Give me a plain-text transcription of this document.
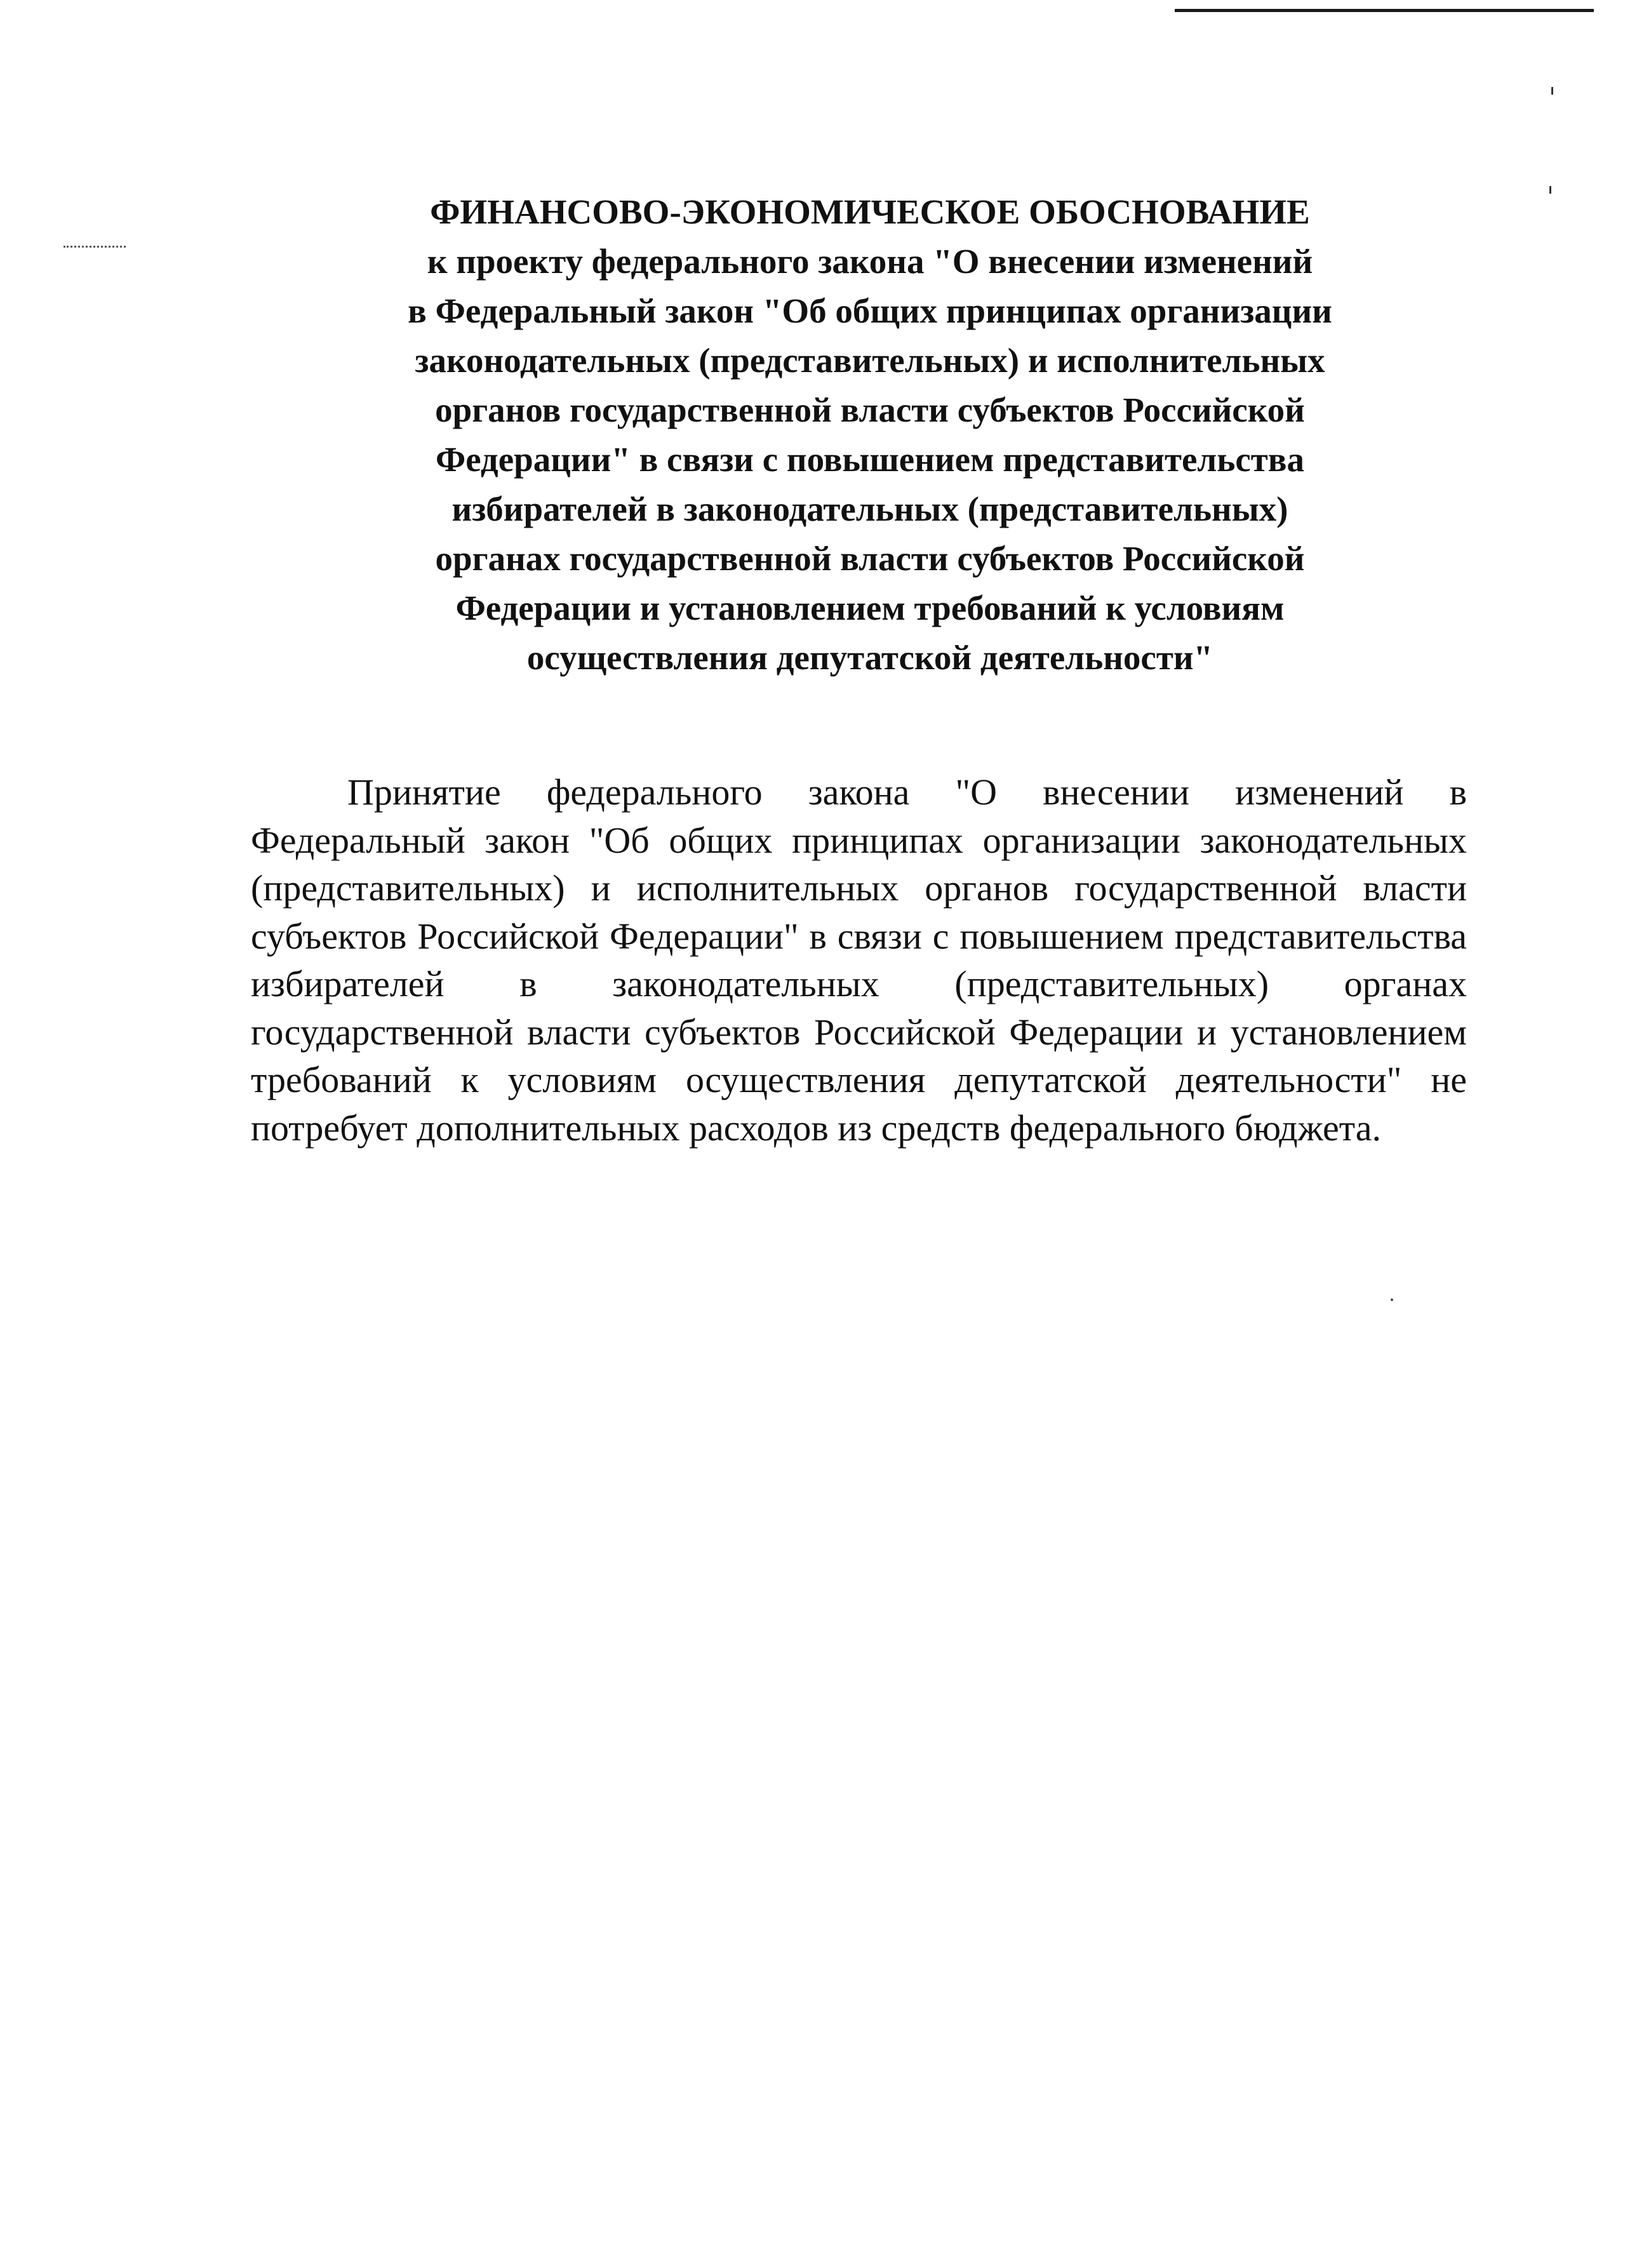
ФИНАНСОВО-ЭКОНОМИЧЕСКОЕ ОБОСНОВАНИЕ
к проекту федерального закона "О внесении изменений
в Федеральный закон "Об общих принципах организации
законодательных (представительных) и исполнительных
органов государственной власти субъектов Российской
Федерации" в связи с повышением представительства
избирателей в законодательных (представительных)
органах государственной власти субъектов Российской
Федерации и установлением требований к условиям
осуществления депутатской деятельности"

Принятие федерального закона "О внесении изменений в Федеральный закон "Об общих принципах организации законодательных (представительных) и исполнительных органов государственной власти субъектов Российской Федерации" в связи с повышением представительства избирателей в законодательных (представительных) органах государственной власти субъектов Российской Федерации и установлением требований к условиям осуществления депутатской деятельности" не потребует дополнительных расходов из средств федерального бюджета.
